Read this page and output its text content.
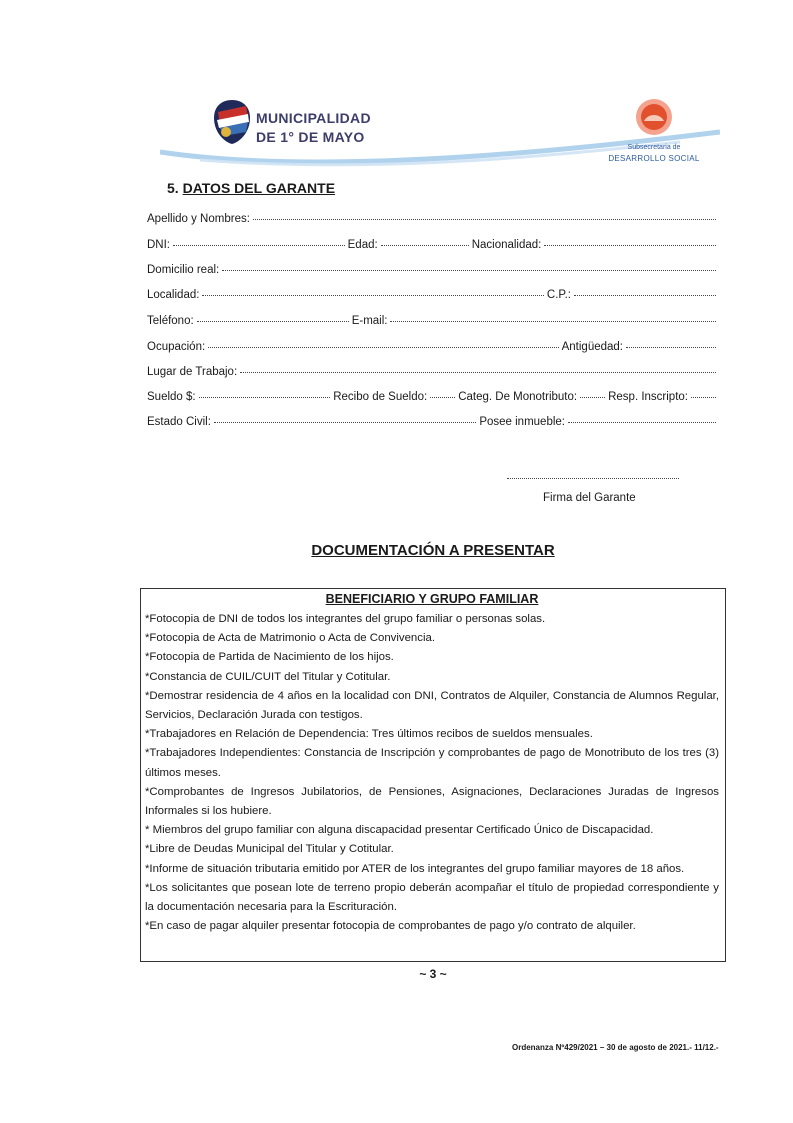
MUNICIPALIDAD
DE 1° DE MAYO
Subsecretaria de
DESARROLLO SOCIAL
5. DATOS DEL GARANTE
Apellido y Nombres:
DNI:	Edad:	Nacionalidad:
Domicilio real:
Localidad:	C.P.:
Teléfono:	E-mail:
Ocupación:	Antigüedad:
Lugar de Trabajo:
Sueldo $:	Recibo de Sueldo:	Categ. De Monotributo:	Resp. Inscripto:
Estado Civil:	Posee inmueble:
Firma del Garante
DOCUMENTACIÓN A PRESENTAR
BENEFICIARIO Y GRUPO FAMILIAR
*Fotocopia de DNI de todos los integrantes del grupo familiar o personas solas.
*Fotocopia de Acta de Matrimonio o Acta de Convivencia.
*Fotocopia de Partida de Nacimiento de los hijos.
*Constancia de CUIL/CUIT del Titular y Cotitular.
*Demostrar residencia de 4 años en la localidad con DNI, Contratos de Alquiler, Constancia de Alumnos Regular, Servicios, Declaración Jurada con testigos.
*Trabajadores en Relación de Dependencia: Tres últimos recibos de sueldos mensuales.
*Trabajadores Independientes: Constancia de Inscripción y comprobantes de pago de Monotributo de los tres (3) últimos meses.
*Comprobantes de Ingresos Jubilatorios, de Pensiones, Asignaciones, Declaraciones Juradas de Ingresos Informales si los hubiere.
* Miembros del grupo familiar con alguna discapacidad presentar Certificado Único de Discapacidad.
*Libre de Deudas Municipal del Titular y Cotitular.
*Informe de situación tributaria emitido por ATER de los integrantes del grupo familiar mayores de 18 años.
*Los solicitantes que posean lote de terreno propio deberán acompañar el título de propiedad correspondiente y la documentación necesaria para la Escrituración.
*En caso de pagar alquiler presentar fotocopia de comprobantes de pago y/o contrato de alquiler.
~ 3 ~
Ordenanza Nº429/2021 – 30 de agosto de 2021.- 11/12.-
